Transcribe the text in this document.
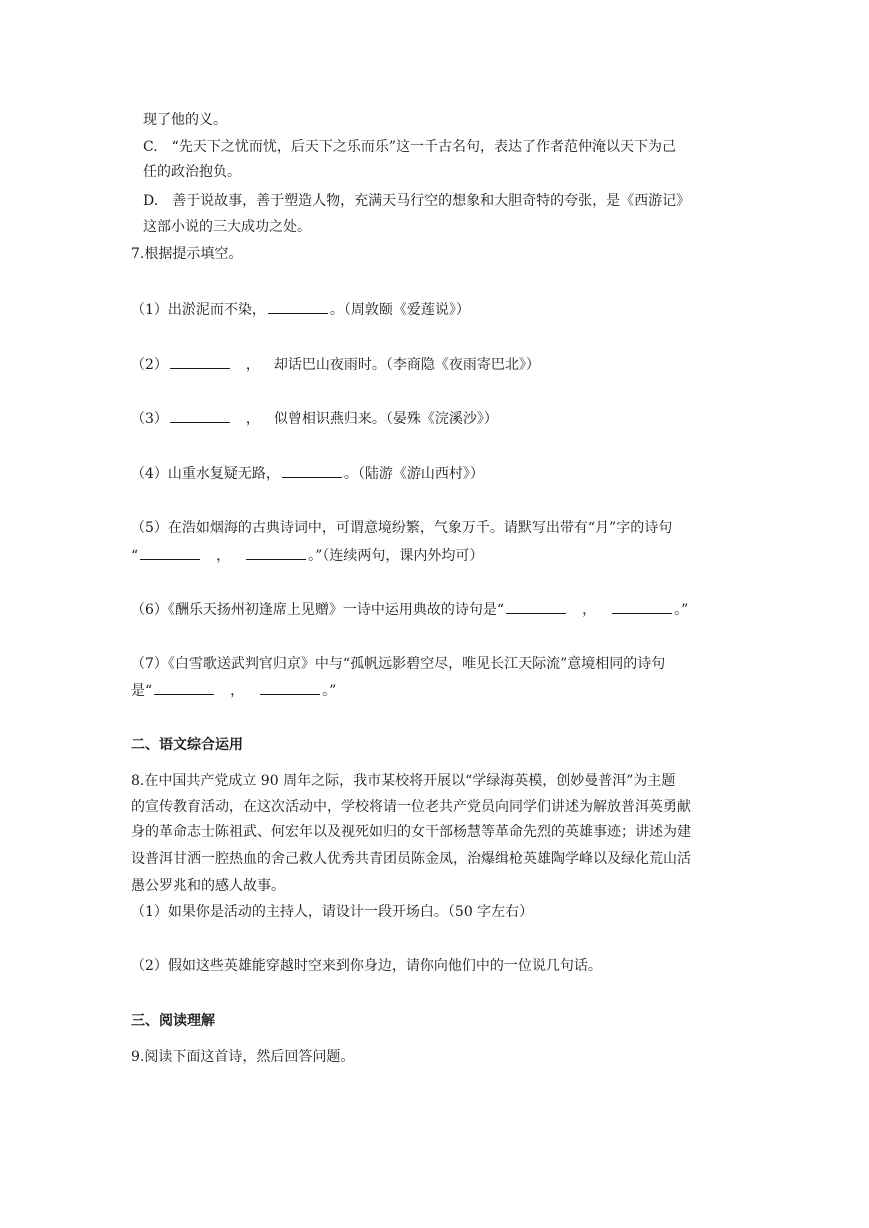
现了他的义。
C. “先天下之忧而忧，后天下之乐而乐”这一千古名句，表达了作者范仲淹以天下为己
任的政治抱负。
D. 善于说故事，善于塑造人物，充满天马行空的想象和大胆奇特的夸张，是《西游记》
这部小说的三大成功之处。
7.根据提示填空。
（1）出淤泥而不染，	。（周敦颐《爱莲说》）
（2）	， 却话巴山夜雨时。（李商隐《夜雨寄巴北》）
（3）	， 似曾相识燕归来。（晏殊《浣溪沙》）
（4）山重水复疑无路，	。（陆游《游山西村》）
（5）在浩如烟海的古典诗词中，可谓意境纷繁，气象万千。请默写出带有“月”字的诗句
“	，	。”（连续两句，课内外均可）
（6）《酬乐天扬州初逢席上见赠》一诗中运用典故的诗句是“	，	。”
（7）《白雪歌送武判官归京》中与“孤帆远影碧空尽，唯见长江天际流”意境相同的诗句
是“	，	。”
二、语文综合运用
8.在中国共产党成立 90 周年之际，我市某校将开展以“学绿海英模，创妙曼普洱”为主题
的宣传教育活动，在这次活动中，学校将请一位老共产党员向同学们讲述为解放普洱英勇献
身的革命志士陈祖武、何宏年以及视死如归的女干部杨慧等革命先烈的英雄事迹；讲述为建
设普洱甘洒一腔热血的舍己救人优秀共青团员陈金凤，治爆缉枪英雄陶学峰以及绿化荒山活
愚公罗兆和的感人故事。
（1）如果你是活动的主持人，请设计一段开场白。（50 字左右）
（2）假如这些英雄能穿越时空来到你身边，请你向他们中的一位说几句话。
三、阅读理解
9.阅读下面这首诗，然后回答问题。
